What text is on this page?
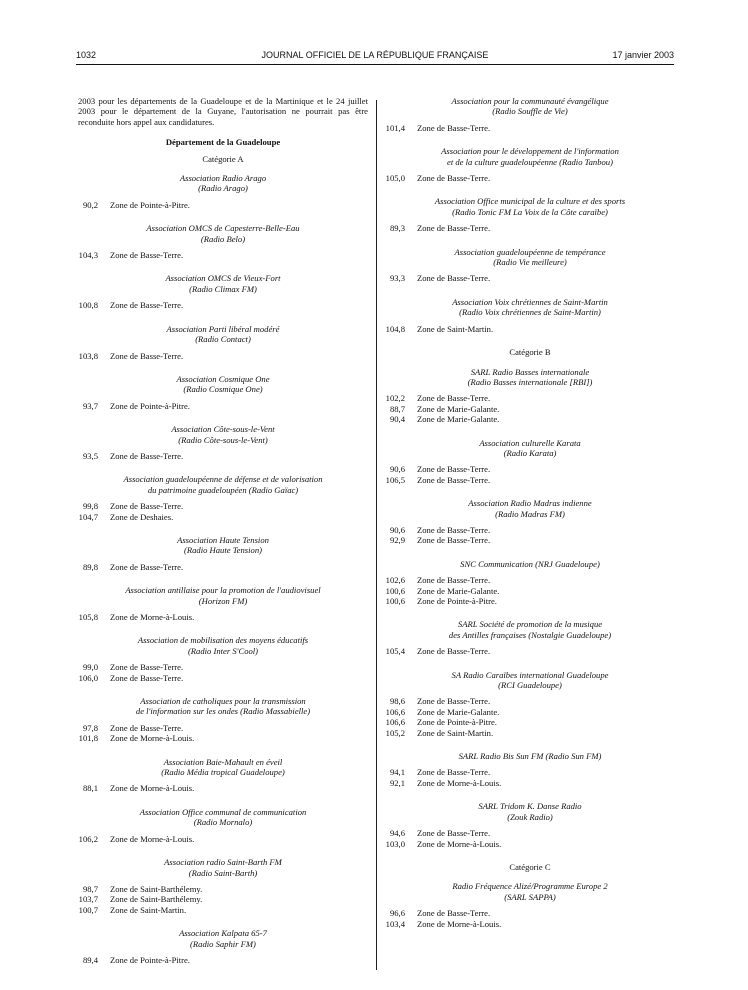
1032	JOURNAL OFFICIEL DE LA RÉPUBLIQUE FRANÇAISE	17 janvier 2003
2003 pour les départements de la Guadeloupe et de la Martinique et le 24 juillet 2003 pour le département de la Guyane, l'autorisation ne pourrait pas être reconduite hors appel aux candidatures.
Département de la Guadeloupe
Catégorie A
Association Radio Arago
(Radio Arago)
90,2 Zone de Pointe-à-Pitre.
Association OMCS de Capesterre-Belle-Eau
(Radio Belo)
104,3 Zone de Basse-Terre.
Association OMCS de Vieux-Fort
(Radio Climax FM)
100,8 Zone de Basse-Terre.
Association Parti libéral modéré
(Radio Contact)
103,8 Zone de Basse-Terre.
Association Cosmique One
(Radio Cosmique One)
93,7 Zone de Pointe-à-Pitre.
Association Côte-sous-le-Vent
(Radio Côte-sous-le-Vent)
93,5 Zone de Basse-Terre.
Association guadeloupéenne de défense et de valorisation
du patrimoine guadeloupéen (Radio Gaïac)
99,8 Zone de Basse-Terre.
104,7 Zone de Deshaies.
Association Haute Tension
(Radio Haute Tension)
89,8 Zone de Basse-Terre.
Association antillaise pour la promotion de l'audiovisuel
(Horizon FM)
105,8 Zone de Morne-à-Louis.
Association de mobilisation des moyens éducatifs
(Radio Inter S'Cool)
99,0 Zone de Basse-Terre.
106,0 Zone de Basse-Terre.
Association de catholiques pour la transmission
de l'information sur les ondes (Radio Massabielle)
97,8 Zone de Basse-Terre.
101,8 Zone de Morne-à-Louis.
Association Baie-Mahault en éveil
(Radio Média tropical Guadeloupe)
88,1 Zone de Morne-à-Louis.
Association Office communal de communication
(Radio Mornalo)
106,2 Zone de Morne-à-Louis.
Association radio Saint-Barth FM
(Radio Saint-Barth)
98,7 Zone de Saint-Barthélemy.
103,7 Zone de Saint-Barthélemy.
100,7 Zone de Saint-Martin.
Association Kalpata 65-7
(Radio Saphir FM)
89,4 Zone de Pointe-à-Pitre.
Association pour la communauté évangélique
(Radio Souffle de Vie)
101,4 Zone de Basse-Terre.
Association pour le développement de l'information
et de la culture guadeloupéenne (Radio Tanbou)
105,0 Zone de Basse-Terre.
Association Office municipal de la culture et des sports
(Radio Tonic FM La Voix de la Côte caraïbe)
89,3 Zone de Basse-Terre.
Association guadeloupéenne de tempérance
(Radio Vie meilleure)
93,3 Zone de Basse-Terre.
Association Voix chrétiennes de Saint-Martin
(Radio Voix chrétiennes de Saint-Martin)
104,8 Zone de Saint-Martin.
Catégorie B
SARL Radio Basses internationale
(Radio Basses internationale [RBI])
102,2 Zone de Basse-Terre.
88,7 Zone de Marie-Galante.
90,4 Zone de Marie-Galante.
Association culturelle Karata
(Radio Karata)
90,6 Zone de Basse-Terre.
106,5 Zone de Basse-Terre.
Association Radio Madras indienne
(Radio Madras FM)
90,6 Zone de Basse-Terre.
92,9 Zone de Basse-Terre.
SNC Communication (NRJ Guadeloupe)
102,6 Zone de Basse-Terre.
100,6 Zone de Marie-Galante.
100,6 Zone de Pointe-à-Pitre.
SARL Société de promotion de la musique
des Antilles françaises (Nostalgie Guadeloupe)
105,4 Zone de Basse-Terre.
SA Radio Caraïbes international Guadeloupe
(RCI Guadeloupe)
98,6 Zone de Basse-Terre.
106,6 Zone de Marie-Galante.
106,6 Zone de Pointe-à-Pitre.
105,2 Zone de Saint-Martin.
SARL Radio Bis Sun FM (Radio Sun FM)
94,1 Zone de Basse-Terre.
92,1 Zone de Morne-à-Louis.
SARL Tridom K. Danse Radio
(Zouk Radio)
94,6 Zone de Basse-Terre.
103,0 Zone de Morne-à-Louis.
Catégorie C
Radio Fréquence Alizé/Programme Europe 2
(SARL SAPPA)
96,6 Zone de Basse-Terre.
103,4 Zone de Morne-à-Louis.
